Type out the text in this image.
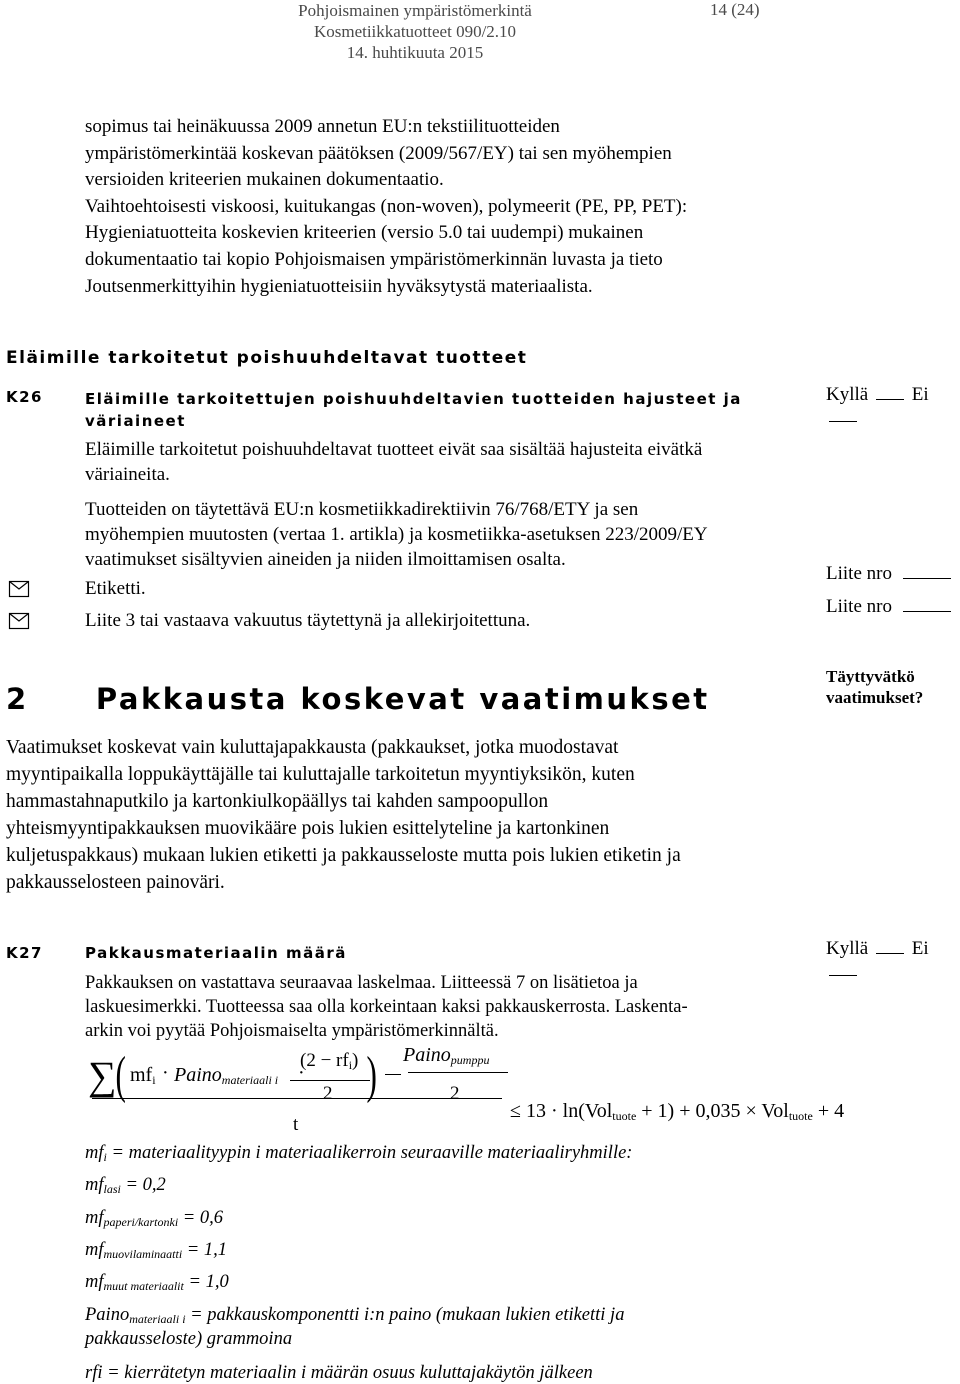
Pohjoismainen ympäristömerkintä
Kosmetiikkatuotteet 090/2.10
14. huhtikuuta 2015
14 (24)
sopimus tai heinäkuussa 2009 annetun EU:n tekstiilituotteiden
ympäristömerkintää koskevan päätöksen (2009/567/EY) tai sen myöhempien
versioiden kriteerien mukainen dokumentaatio.
Vaihtoehtoisesti viskoosi, kuitukangas (non-woven), polymeerit (PE, PP, PET):
Hygieniatuotteita koskevien kriteerien (versio 5.0 tai uudempi) mukainen
dokumentaatio tai kopio Pohjoismaisen ympäristömerkinnän luvasta ja tieto
Joutsenmerkittyihin hygieniatuotteisiin hyväksytystä materiaalista.
Eläimille tarkoitetut poishuuhdeltavat tuotteet
K26	Eläimille tarkoitettujen poishuuhdeltavien tuotteiden hajusteet ja
väriaineet
Eläimille tarkoitetut poishuuhdeltavat tuotteet eivät saa sisältää hajusteita eivätkä
väriaineita.
Tuotteiden on täytettävä EU:n kosmetiikkadirektiivin 76/768/ETY ja sen
myöhempien muutosten (vertaa 1. artikla) ja kosmetiikka-asetuksen 223/2009/EY
vaatimukset sisältyvien aineiden ja niiden ilmoittamisen osalta.
Etiketti.
Liite 3 tai vastaava vakuutus täytettynä ja allekirjoitettuna.
Kyllä Ei
Liite nro
Liite nro
2 Pakkausta koskevat vaatimukset
Täyttyvätkö
vaatimukset?
Vaatimukset koskevat vain kuluttajapakkausta (pakkaukset, jotka muodostavat
myyntipaikalla loppukäyttäjälle tai kuluttajalle tarkoitetun myyntiyksikön, kuten
hammastahnaputkilo ja kartonkiulkopäällys tai kahden sampoopullon
yhteismyyntipakkauksen muovikääre pois lukien esittelyteline ja kartonkinen
kuljetuspakkaus) mukaan lukien etiketti ja pakkausseloste mutta pois lukien etiketin ja
pakkausselosteen painoväri.
K27	Pakkausmateriaalin määrä	Kyllä Ei
Pakkauksen on vastattava seuraavaa laskelmaa. Liitteessä 7 on lisätietoa ja
laskuesimerkki. Tuotteessa saa olla korkeintaan kaksi pakkauskerrosta. Laskenta-
arkin voi pyytää Pohjoismaiselta ympäristömerkinnältä.
∑
( $mf_i$ · Paino$_{materiaali i}$ ·
$(2 - rf_i)$
2 ) Paino$_{pumppu}$
2
t
≤ 13 · ln(Vol$_{tuote}$ + 1) + 0,035 × Vol$_{tuote}$ + 4
$mf_i$ = materiaalityypin i materiaalikerroin seuraaville materiaaliryhmille:
$mf_{lasi} = 0,2$
$mf_{paperi/kartonki} = 0,6$
$mf_{muovilaminaatti} = 1,1$
$mf_{muut materiaalit} = 1,0$
Paino$_{materiaali i}$ = pakkauskomponentti i:n paino (mukaan lukien etiketti ja
pakkausseloste) grammoina
rfi = kierrätetyn materiaalin i määrän osuus kuluttajakäytön jälkeen
